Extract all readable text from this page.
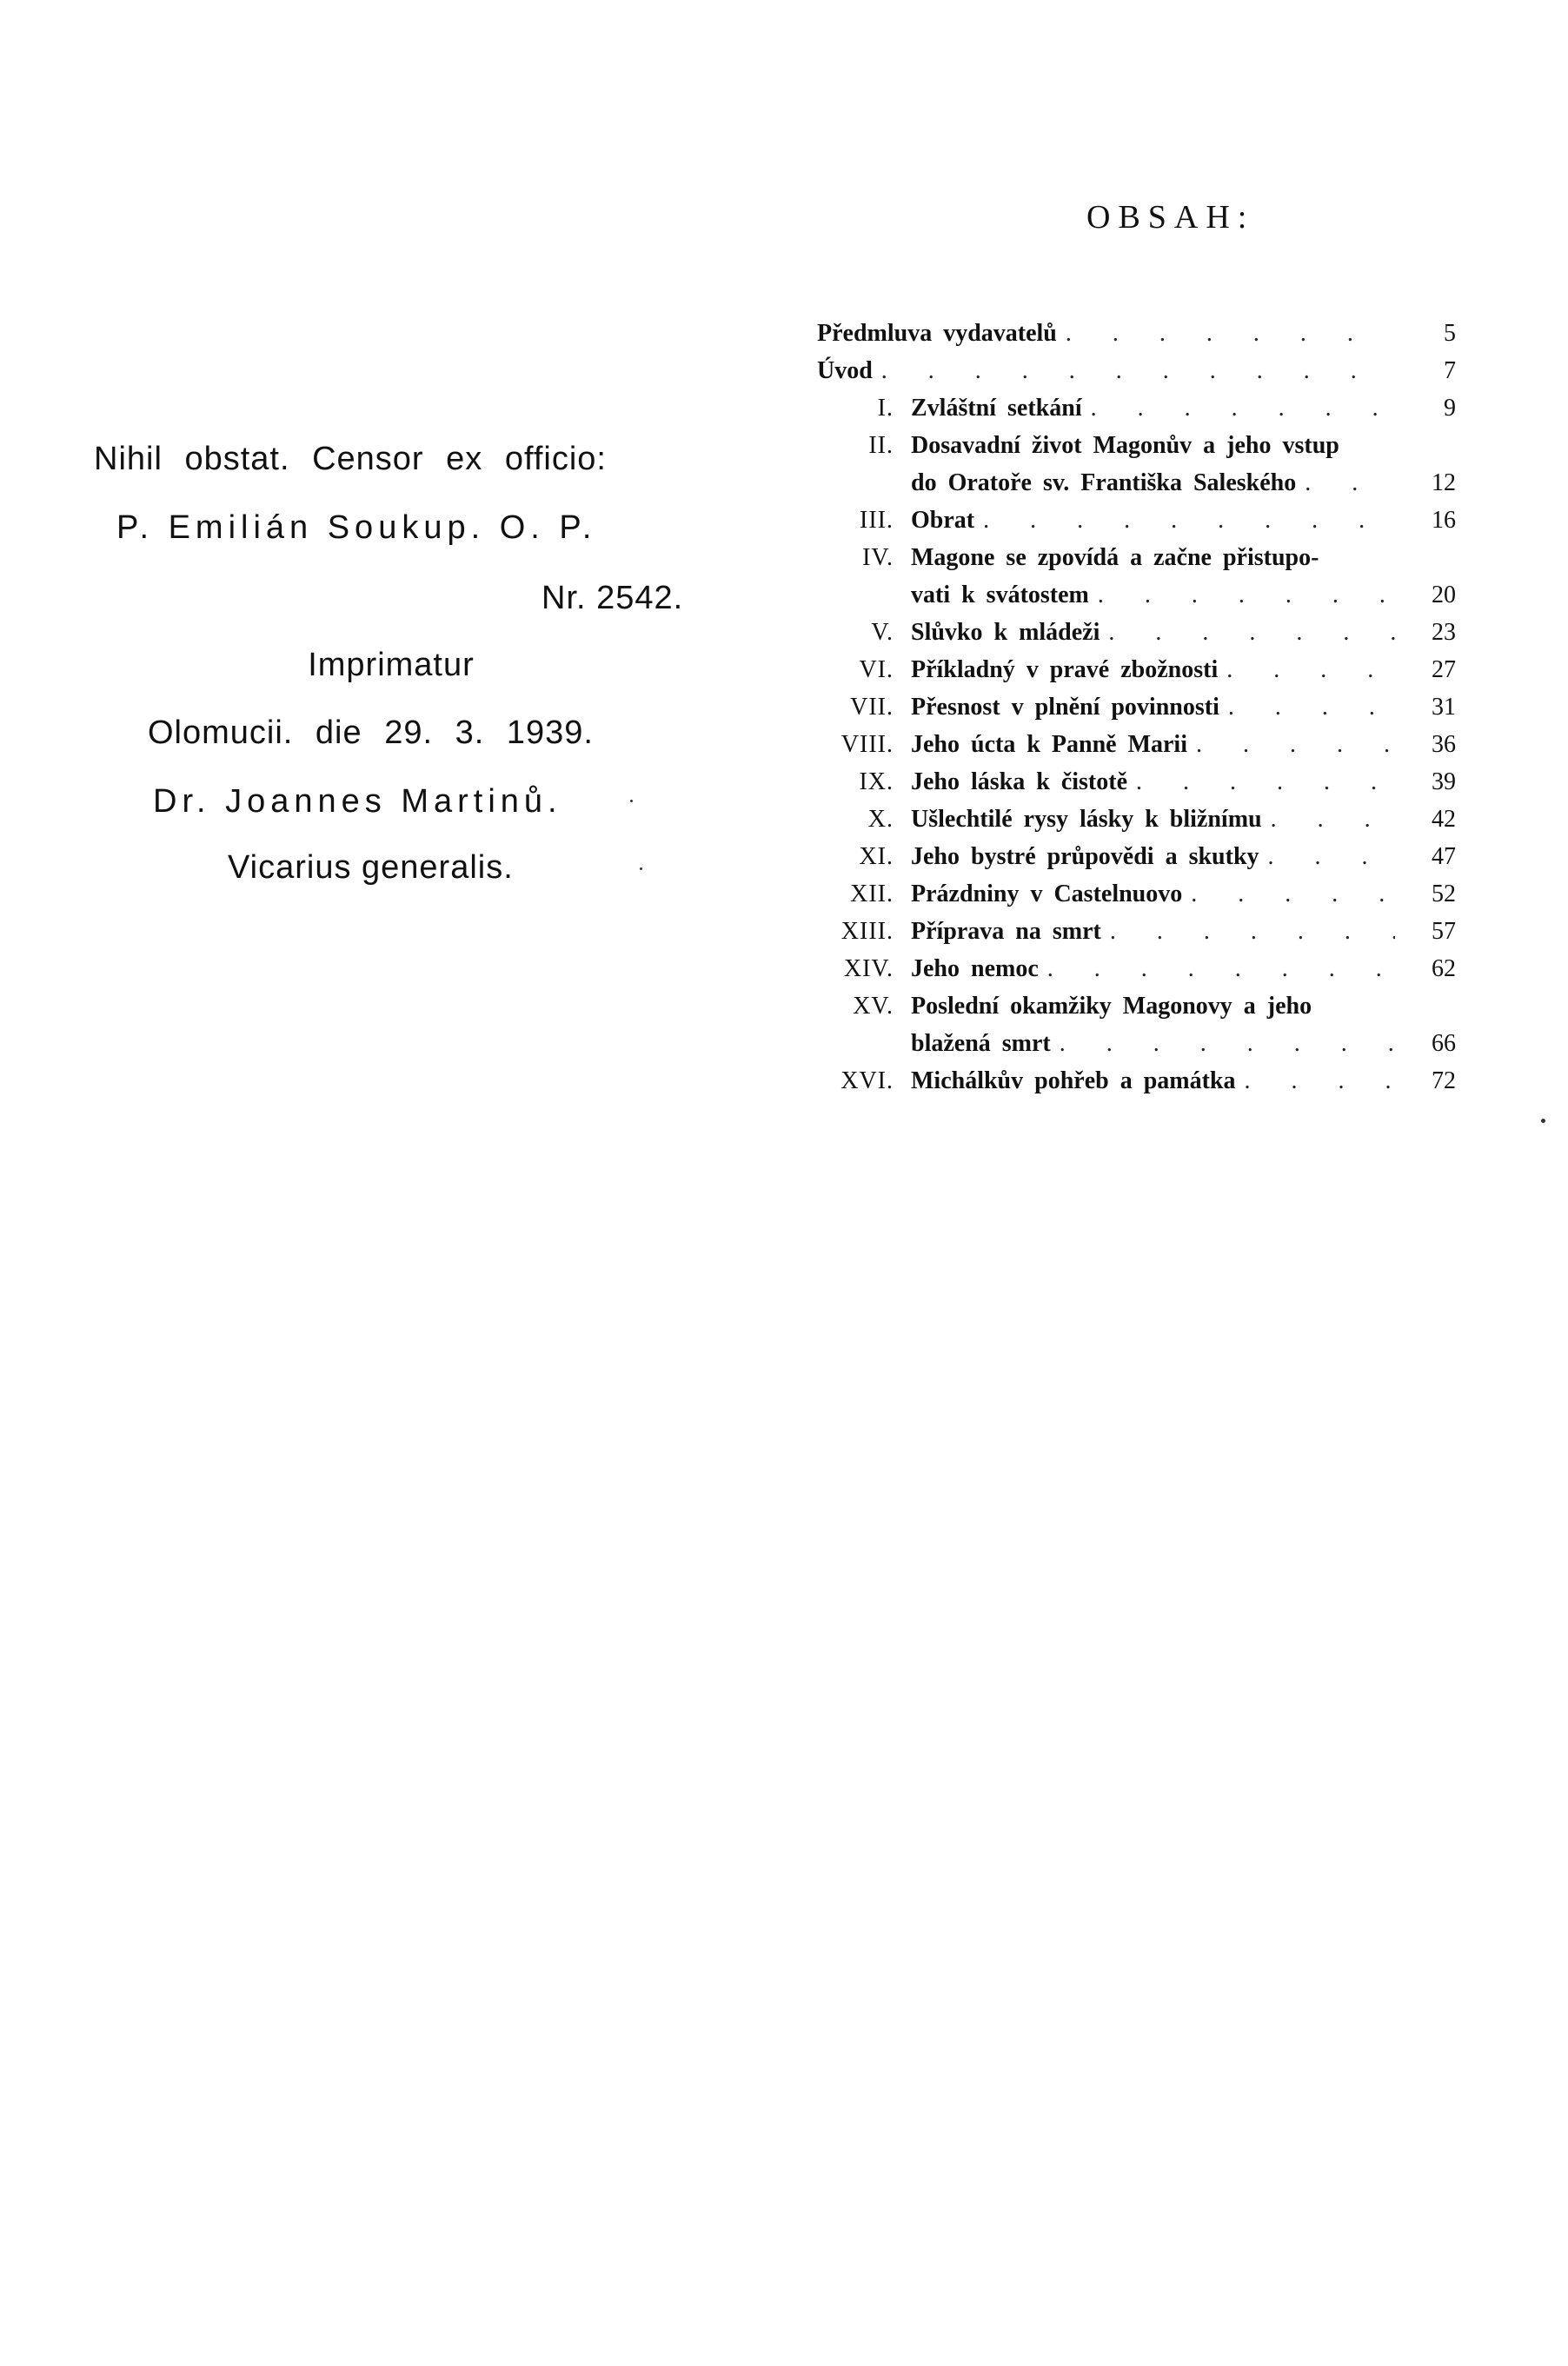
Nihil obstat. Censor ex officio:
P. Emilián Soukup. O. P.
Nr. 2542.
Imprimatur
Olomucii. die 29. 3. 1939.
Dr. Joannes Martinů.
Vicarius generalis.
OBSAH:
Předmluva vydavatelů . . .	5
Úvod . . .	7
I. Zvláštní setkání . . .	9
II. Dosavadní život Magonův a jeho vstup
do Oratoře sv. Františka Saleského . . .	12
III. Obrat . . .	16
IV. Magone se zpovídá a začne přistupo-
vati k svátostem . . .	20
V. Slůvko k mládeži . . .	23
VI. Příkladný v pravé zbožnosti . . .	27
VII. Přesnost v plnění povinnosti . . .	31
VIII. Jeho úcta k Panně Marii . . .	36
IX. Jeho láska k čistotě . . .	39
X. Ušlechtilé rysy lásky k bližnímu . . .	42
XI. Jeho bystré průpovědi a skutky . . .	47
XII. Prázdniny v Castelnuovo . . .	52
XIII. Příprava na smrt . . .	57
XIV. Jeho nemoc . . .	62
XV. Poslední okamžiky Magonovy a jeho
blažená smrt . . .	66
XVI. Michálkův pohřeb a památka . . .	72
